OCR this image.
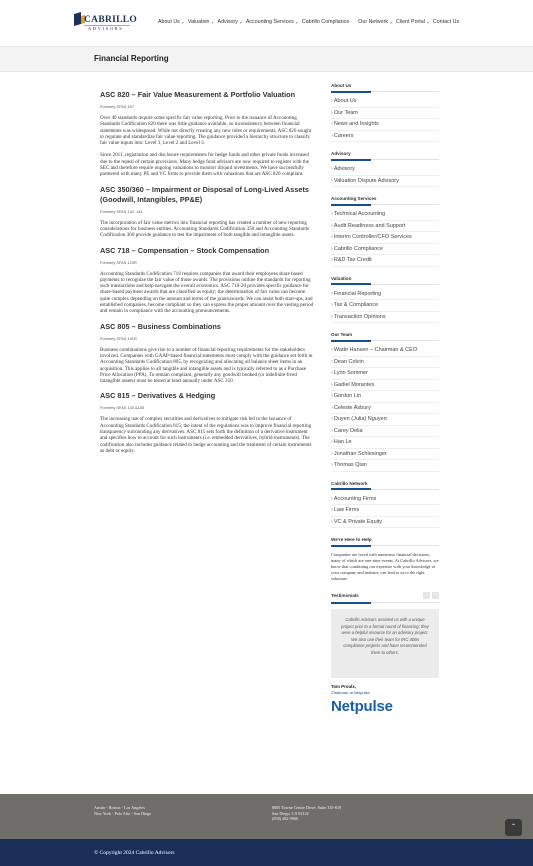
CABRILLO
ADVISORS
About Us ▾ Valuation ▾ Advisory ▾ Accounting Services ▾ Cabrillo Compliance Our Network ▾ Client Portal ▾ Contact Us
Financial Reporting
ASC 820 – Fair Value Measurement & Portfolio Valuation
Formerly SFAS 157

Over 40 standards require some specific fair value reporting. Prior to the issuance of Accounting Standards Codification 820 there was little guidance available, so inconsistency between financial statements was widespread. While not directly creating any new rules or requirements, ASC 820 sought to regulate and standardize fair value reporting. The guidance provided a hierarchy structure to classify fair value inputs into: Level 1, Level 2 and Level 3.

Since 2011, registration and disclosure requirements for hedge funds and other private funds increased due to the repeal of certain provisions. Many hedge fund advisors are now required to register with the SEC and therefore require ongoing valuations to monitor illiquid investments. We have successfully partnered with many PE and VC firms to provide them with valuations that are ASC 820 compliant.

ASC 350/360 – Impairment or Disposal of Long-Lived Assets (Goodwill, Intangibles, PP&E)
Formerly SFAS 142, 144

The incorporation of fair value metrics into financial reporting has created a number of new reporting considerations for business entities. Accounting Standards Codification 350 and Accounting Standards Codification 360 provide guidance to test the impairment of both tangible and intangible assets.

ASC 718 – Compensation – Stock Compensation
Formerly SFAS 123R

Accounting Standards Codification 718 requires companies that award their employees share based payments to recognize the fair value of those awards. The provisions outline the standards for reporting such transactions and help navigate the overall economics. ASC 718-20 provides specific guidance for share-based payment awards that are classified as equity; the determination of fair value can become quite complex depending on the amount and terms of the grant/awards. We can assist both start-ups, and established companies, become compliant so they can express the proper amount over the vesting period and remain in compliance with the accounting pronouncements.

ASC 805 – Business Combinations
Formerly SFAS 141R

Business combinations give rise to a number of financial reporting requirements for the stakeholders involved. Companies with GAAP-based financial statements must comply with the guidance set forth in Accounting Standards Codification 805, by recognizing and allocating all balance sheet items in an acquisition. This applies to all tangible and intangible assets and is typically referred to as a Purchase Price Allocation (PPA). To remain compliant, generally any goodwill booked (or indefinite-lived intangible assets) must be tested at least annually under ASC 350.

ASC 815 – Derivatives & Hedging
Formerly SFAS 133 &155

The increasing use of complex securities and derivatives to mitigate risk led to the issuance of Accounting Standards Codification 815; the intent of the regulations was to improve financial reporting transparency surrounding any derivatives. ASC 815 sets forth the definition of a derivative instrument and specifies how to account for such instruments (i.e. embedded derivatives, hybrid instruments). The codification also includes guidance related to hedge accounting and the treatment of certain instruments as debt or equity.

About Us
›About Us
›Our Team
›News and Insights
›Careers
Advisory
›Advisory
›Valuation Dispute Advisory
Accounting Services
›Technical Accounting
›Audit Readiness and Support
›Interim Controller/CFO Services
›Cabrillo Compliance
›R&D Tax Credit
Valuation
›Financial Reporting
›Tax & Compliance
›Transaction Opinions
Our Team
›Wade Hansen – Chairman & CEO
›Dean Colvin
›Lynn Sommer
›Gadiel Morantes
›Gordon Lin
›Celeste Asbury
›Duyen (Julia) Nguyen
›Carey Delia
›Han Le
›Jonathan Schlesinger
›Thomas Qian
Cabrillo Network
›Accounting Firms
›Law Firms
›VC & Private Equity
We're Here to Help
Companies are faced with numerous financial decisions, many of which are one-time events. At Cabrillo Advisors, we know that combining our expertise with your knowledge of your company and industry can lead to us to the right solutions.
Testimonials	‹	›

Cabrillo Advisors assisted us with a unique project prior to a formal round of financing; they were a helpful resource for an advisory project. We also use their team for IRC 409a compliance projects and have recommended them to others.

Tom Proulx,
Chairman at Netpulse
Netpulse
Austin - Boston - Los Angeles
New York - Palo Alto - San Diego
8885 Towne Centre Drive, Suite 335-619
San Diego, CA 92122
(858) 482-9960
© Copyright 2024 Cabrillo Advisors
⌃
